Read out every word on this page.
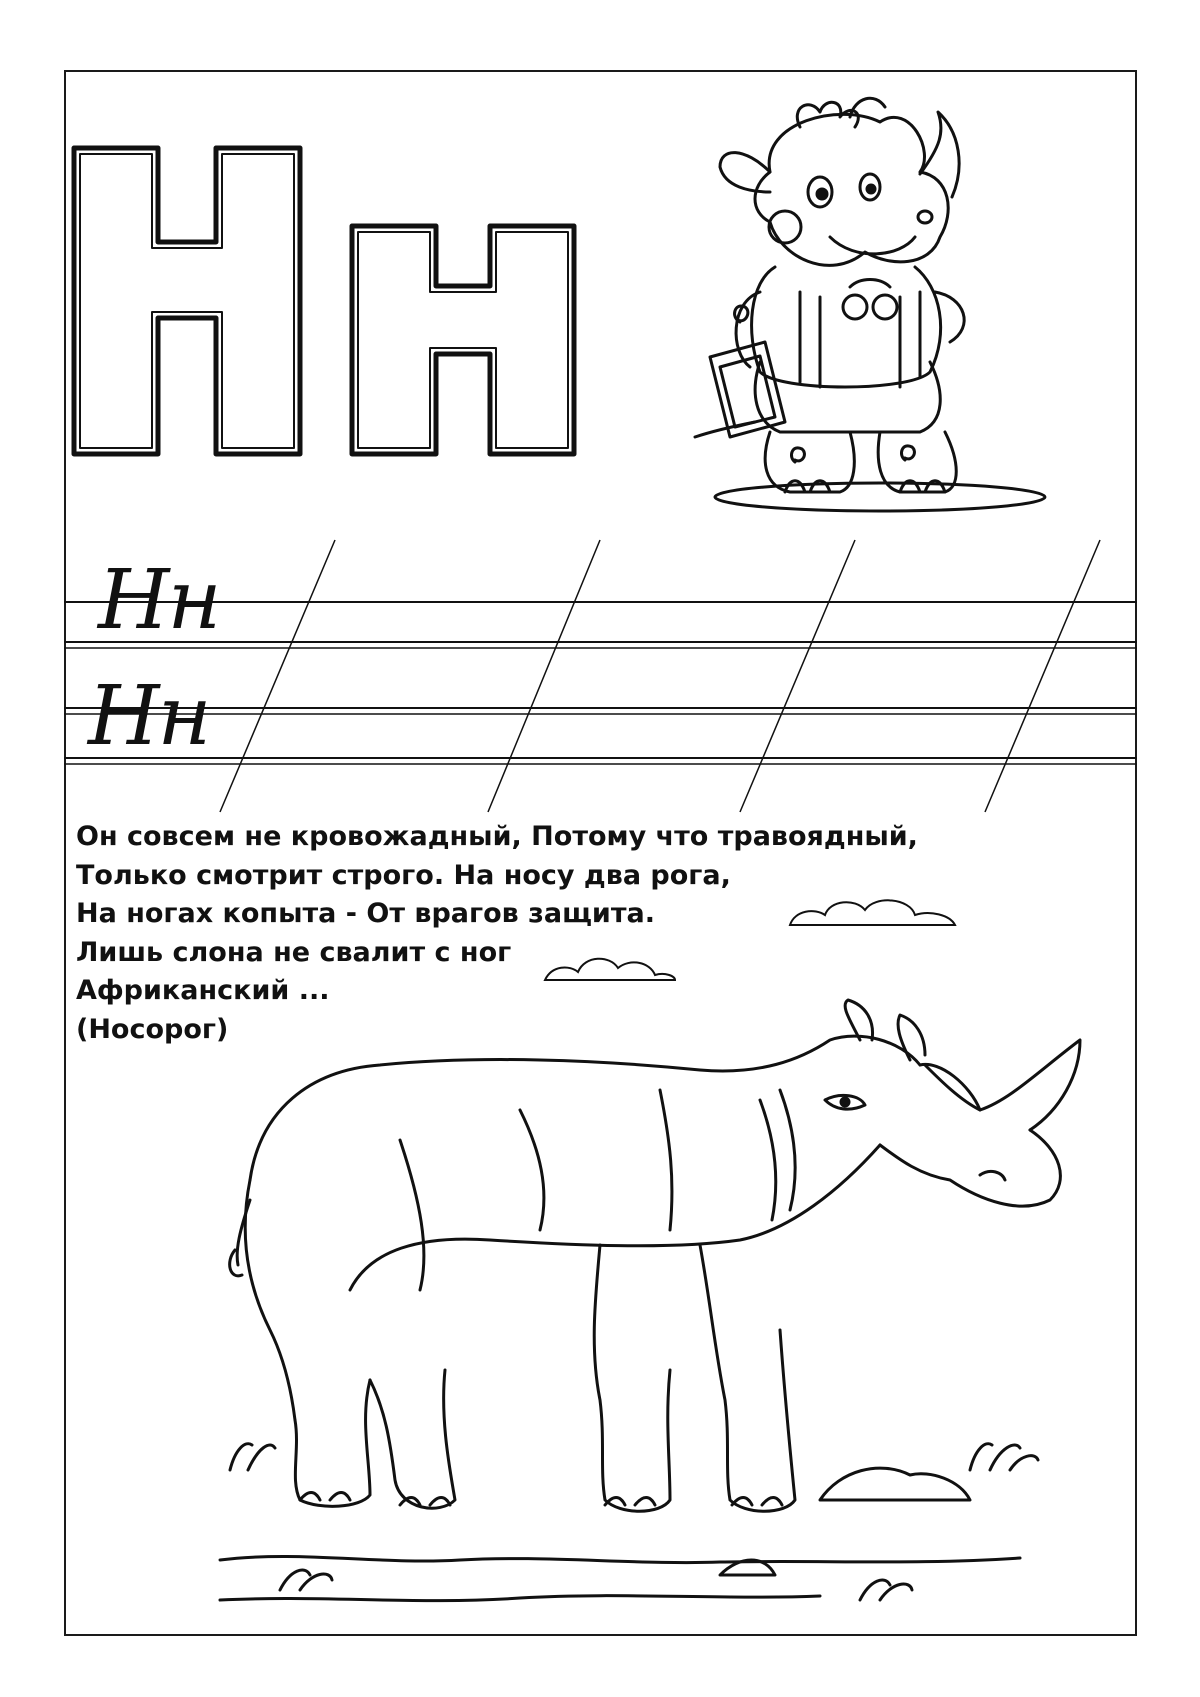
Нн
Нн
Он совсем не кровожадный, Потому что травоядный,
Только смотрит строго. На носу два рога,
На ногах копыта - От врагов защита.
Лишь слона не свалит с ног
Африканский ...
(Носорог)
